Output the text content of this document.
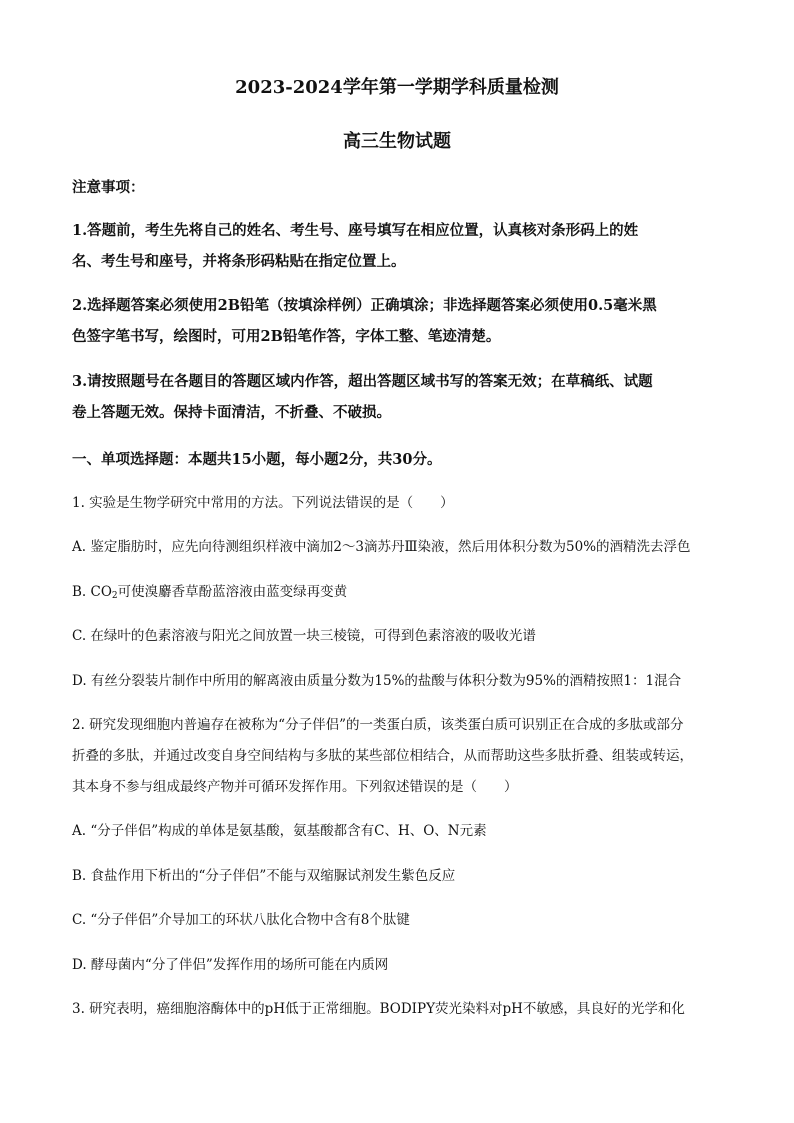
2023-2024学年第一学期学科质量检测
高三生物试题
注意事项：
1.答题前，考生先将自己的姓名、考生号、座号填写在相应位置，认真核对条形码上的姓
名、考生号和座号，并将条形码粘贴在指定位置上。
2.选择题答案必须使用2B铅笔（按填涂样例）正确填涂；非选择题答案必须使用0.5毫米黑
色签字笔书写，绘图时，可用2B铅笔作答，字体工整、笔迹清楚。
3.请按照题号在各题目的答题区域内作答，超出答题区域书写的答案无效；在草稿纸、试题
卷上答题无效。保持卡面清洁，不折叠、不破损。
一、单项选择题：本题共15小题，每小题2分，共30分。
1. 实验是生物学研究中常用的方法。下列说法错误的是（　　）
A. 鉴定脂肪时，应先向待测组织样液中滴加2～3滴苏丹Ⅲ染液，然后用体积分数为50%的酒精洗去浮色
B. $CO_2$可使溴麝香草酚蓝溶液由蓝变绿再变黄
C. 在绿叶的色素溶液与阳光之间放置一块三棱镜，可得到色素溶液的吸收光谱
D. 有丝分裂装片制作中所用的解离液由质量分数为15%的盐酸与体积分数为95%的酒精按照1：1混合
2. 研究发现细胞内普遍存在被称为“分子伴侣”的一类蛋白质，该类蛋白质可识别正在合成的多肽或部分
折叠的多肽，并通过改变自身空间结构与多肽的某些部位相结合，从而帮助这些多肽折叠、组装或转运，
其本身不参与组成最终产物并可循环发挥作用。下列叙述错误的是（　　）
A. “分子伴侣”构成的单体是氨基酸，氨基酸都含有C、H、O、N元素
B. 食盐作用下析出的“分子伴侣”不能与双缩脲试剂发生紫色反应
C. “分子伴侣”介导加工的环状八肽化合物中含有8个肽键
D. 酵母菌内“分了伴侣”发挥作用的场所可能在内质网
3. 研究表明，癌细胞溶酶体中的pH低于正常细胞。BODIPY荧光染料对pH不敏感，具良好的光学和化
